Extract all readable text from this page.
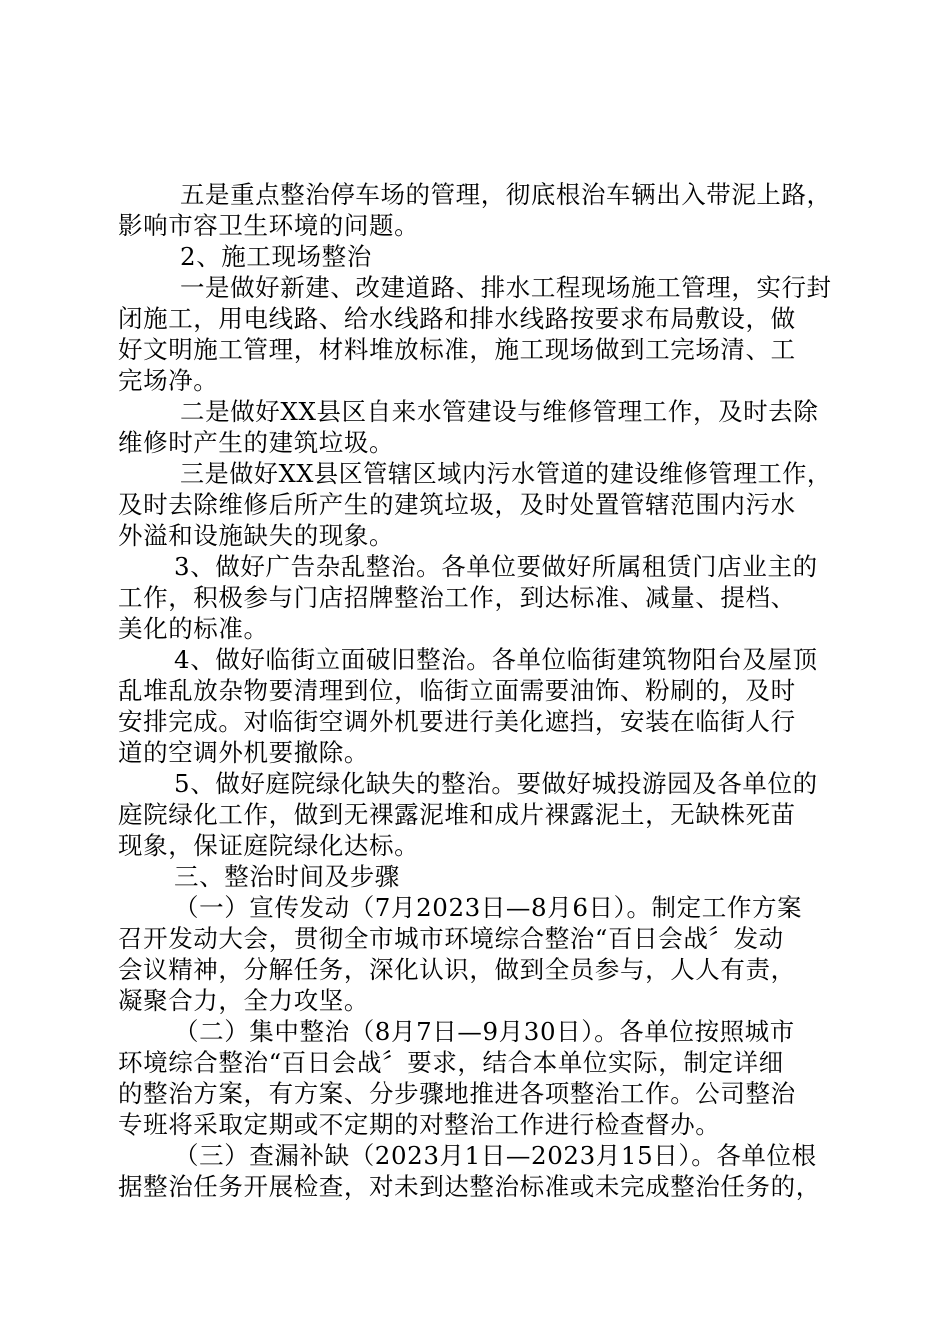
五是重点整治停车场的管理，彻底根治车辆出入带泥上路，
影响市容卫生环境的问题。
2、施工现场整治
一是做好新建、改建道路、排水工程现场施工管理，实行封
闭施工，用电线路、给水线路和排水线路按要求布局敷设，做
好文明施工管理，材料堆放标准，施工现场做到工完场清、工
完场净。
二是做好XX县区自来水管建设与维修管理工作，及时去除
维修时产生的建筑垃圾。
三是做好XX县区管辖区域内污水管道的建设维修管理工作，
及时去除维修后所产生的建筑垃圾，及时处置管辖范围内污水
外溢和设施缺失的现象。
3、做好广告杂乱整治。各单位要做好所属租赁门店业主的
工作，积极参与门店招牌整治工作，到达标准、减量、提档、
美化的标准。
4、做好临街立面破旧整治。各单位临街建筑物阳台及屋顶
乱堆乱放杂物要清理到位，临街立面需要油饰、粉刷的，及时
安排完成。对临街空调外机要进行美化遮挡，安装在临街人行
道的空调外机要撤除。
5、做好庭院绿化缺失的整治。要做好城投游园及各单位的
庭院绿化工作，做到无裸露泥堆和成片裸露泥土，无缺株死苗
现象，保证庭院绿化达标。
三、整治时间及步骤
（一）宣传发动（7月2023日—8月6日）。制定工作方案
召开发动大会，贯彻全市城市环境综合整治“百日会战〞发动
会议精神，分解任务，深化认识，做到全员参与，人人有责，
凝聚合力，全力攻坚。
（二）集中整治（8月7日—9月30日）。各单位按照城市
环境综合整治“百日会战〞要求，结合本单位实际，制定详细
的整治方案，有方案、分步骤地推进各项整治工作。公司整治
专班将采取定期或不定期的对整治工作进行检查督办。
（三）查漏补缺（2023月1日—2023月15日）。各单位根
据整治任务开展检查，对未到达整治标准或未完成整治任务的，
